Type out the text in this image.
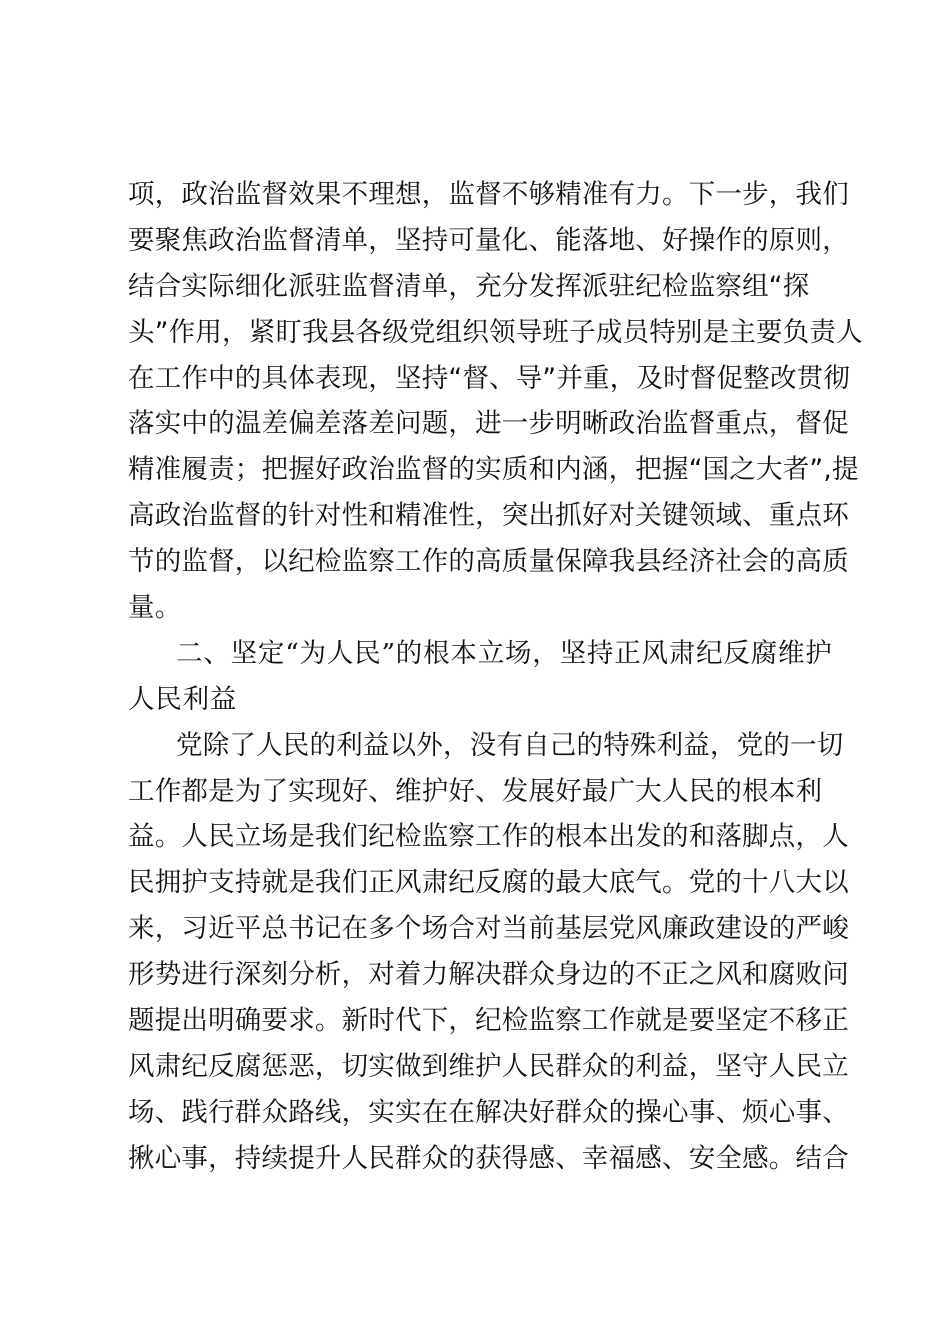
项，政治监督效果不理想，监督不够精准有力。下一步，我们
要聚焦政治监督清单，坚持可量化、能落地、好操作的原则，
结合实际细化派驻监督清单，充分发挥派驻纪检监察组“探
头”作用，紧盯我县各级党组织领导班子成员特别是主要负责人
在工作中的具体表现，坚持“督、导”并重，及时督促整改贯彻
落实中的温差偏差落差问题，进一步明晰政治监督重点，督促
精准履责；把握好政治监督的实质和内涵，把握“国之大者”,提
高政治监督的针对性和精准性，突出抓好对关键领域、重点环
节的监督，以纪检监察工作的高质量保障我县经济社会的高质
量。
二、坚定“为人民”的根本立场，坚持正风肃纪反腐维护
人民利益
党除了人民的利益以外，没有自己的特殊利益，党的一切
工作都是为了实现好、维护好、发展好最广大人民的根本利
益。人民立场是我们纪检监察工作的根本出发的和落脚点，人
民拥护支持就是我们正风肃纪反腐的最大底气。党的十八大以
来，习近平总书记在多个场合对当前基层党风廉政建设的严峻
形势进行深刻分析，对着力解决群众身边的不正之风和腐败问
题提出明确要求。新时代下，纪检监察工作就是要坚定不移正
风肃纪反腐惩恶，切实做到维护人民群众的利益，坚守人民立
场、践行群众路线，实实在在解决好群众的操心事、烦心事、
揪心事，持续提升人民群众的获得感、幸福感、安全感。结合
